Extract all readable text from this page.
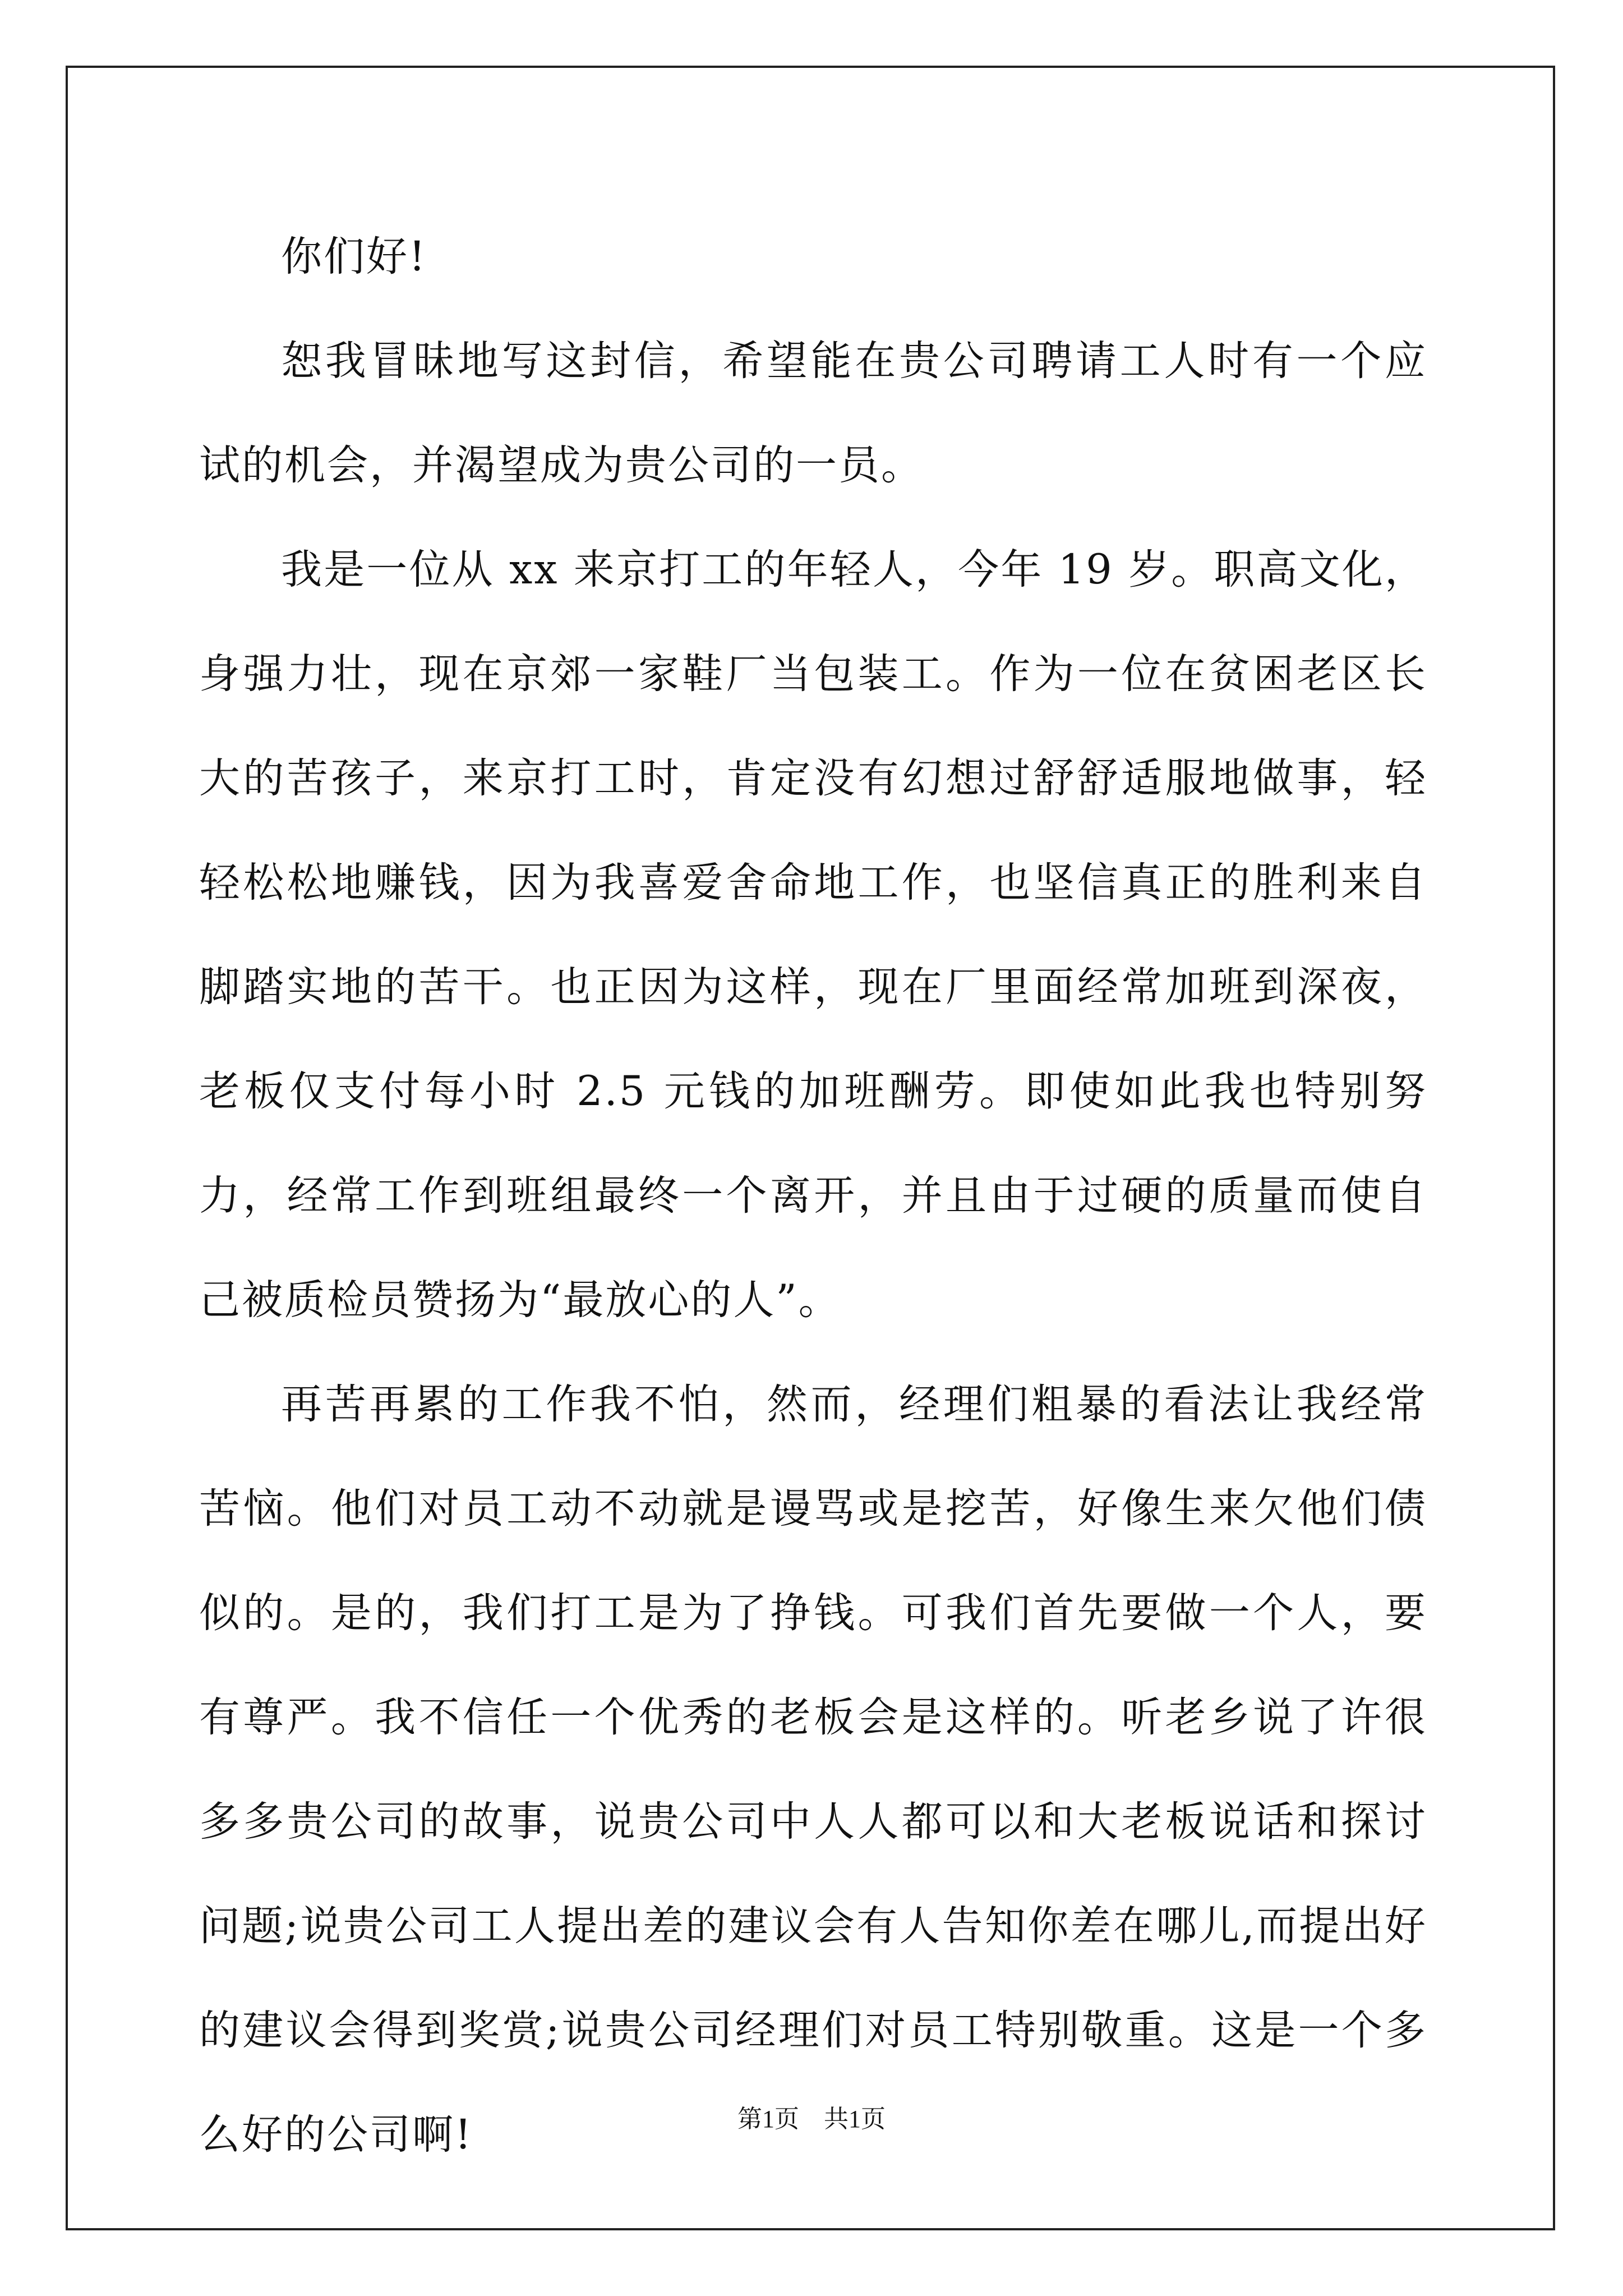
你们好!

恕我冒昧地写这封信，希望能在贵公司聘请工人时有一个应试的机会，并渴望成为贵公司的一员。

我是一位从 xx 来京打工的年轻人，今年 19 岁。职高文化，身强力壮，现在京郊一家鞋厂当包装工。作为一位在贫困老区长大的苦孩子，来京打工时，肯定没有幻想过舒舒适服地做事，轻轻松松地赚钱，因为我喜爱舍命地工作，也坚信真正的胜利来自脚踏实地的苦干。也正因为这样，现在厂里面经常加班到深夜，老板仅支付每小时 2.5 元钱的加班酬劳。即使如此我也特别努力，经常工作到班组最终一个离开，并且由于过硬的质量而使自己被质检员赞扬为“最放心的人”。

再苦再累的工作我不怕，然而，经理们粗暴的看法让我经常苦恼。他们对员工动不动就是谩骂或是挖苦，好像生来欠他们债似的。是的，我们打工是为了挣钱。可我们首先要做一个人，要有尊严。我不信任一个优秀的老板会是这样的。听老乡说了许很多多贵公司的故事，说贵公司中人人都可以和大老板说话和探讨问题;说贵公司工人提出差的建议会有人告知你差在哪儿,而提出好的建议会得到奖赏;说贵公司经理们对员工特别敬重。这是一个多么好的公司啊!	第1页　共1页
